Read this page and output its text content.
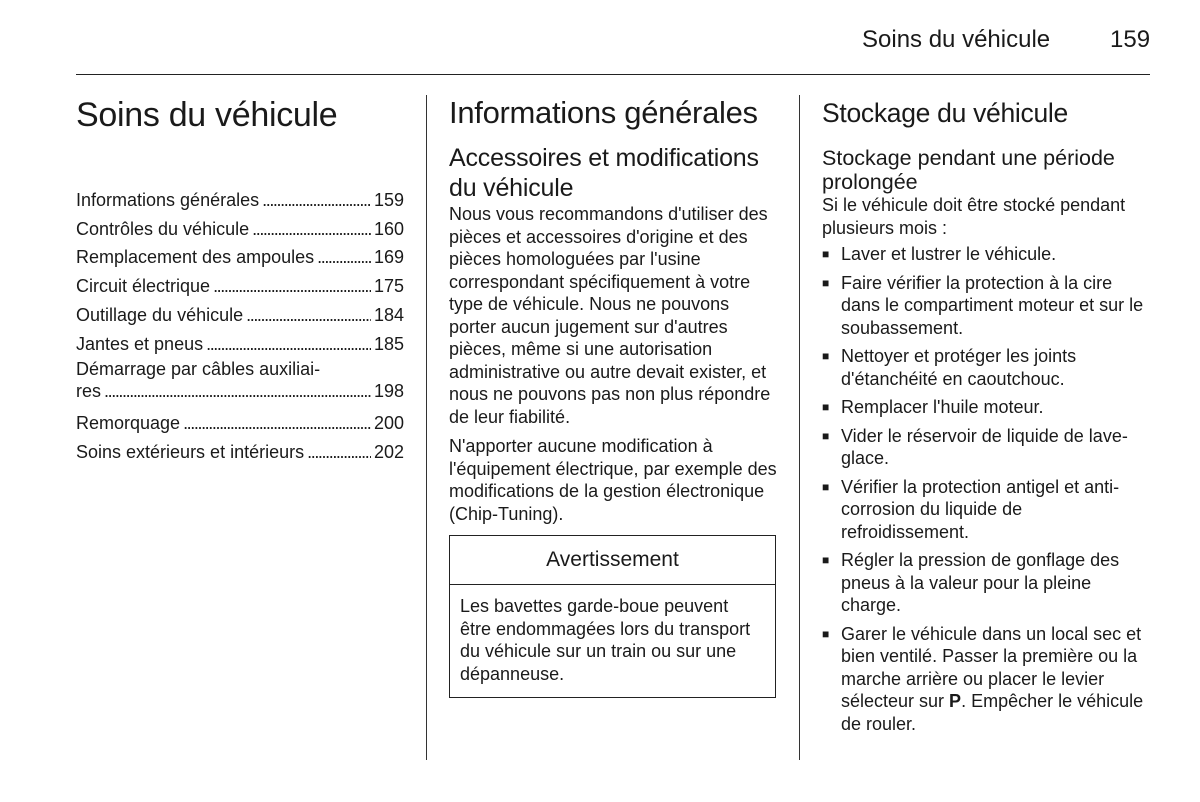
Soins du véhicule 159
Soins du véhicule
Informations générales . . .	159
Contrôles du véhicule . . .	160
Remplacement des ampoules . . .	169
Circuit électrique . . .	175
Outillage du véhicule . . .	184
Jantes et pneus . . .	185
Démarrage par câbles auxiliai-
res . . .	198
Remorquage . . .	200
Soins extérieurs et intérieurs . . .	202
Informations générales
Accessoires et modifications du véhicule

Nous vous recommandons d'utiliser des pièces et accessoires d'origine et des pièces homologuées par l'usine correspondant spécifiquement à votre type de véhicule. Nous ne pouvons porter aucun jugement sur d'autres pièces, même si une autorisation administrative ou autre devait exister, et nous ne pouvons pas non plus répondre de leur fiabilité.

N'apporter aucune modification à l'équipement électrique, par exemple des modifications de la gestion électronique (Chip-Tuning).

Avertissement
Les bavettes garde-boue peuvent être endommagées lors du transport du véhicule sur un train ou sur une dépanneuse.
Stockage du véhicule
Stockage pendant une période prolongée

Si le véhicule doit être stocké pendant plusieurs mois :

■ Laver et lustrer le véhicule.
■ Faire vérifier la protection à la cire dans le compartiment moteur et sur le soubassement.
■ Nettoyer et protéger les joints d'étanchéité en caoutchouc.
■ Remplacer l'huile moteur.
■ Vider le réservoir de liquide de lave-glace.
■ Vérifier la protection antigel et anti-corrosion du liquide de refroidissement.
■ Régler la pression de gonflage des pneus à la valeur pour la pleine charge.
■ Garer le véhicule dans un local sec et bien ventilé. Passer la première ou la marche arrière ou placer le levier sélecteur sur P. Empêcher le véhicule de rouler.
